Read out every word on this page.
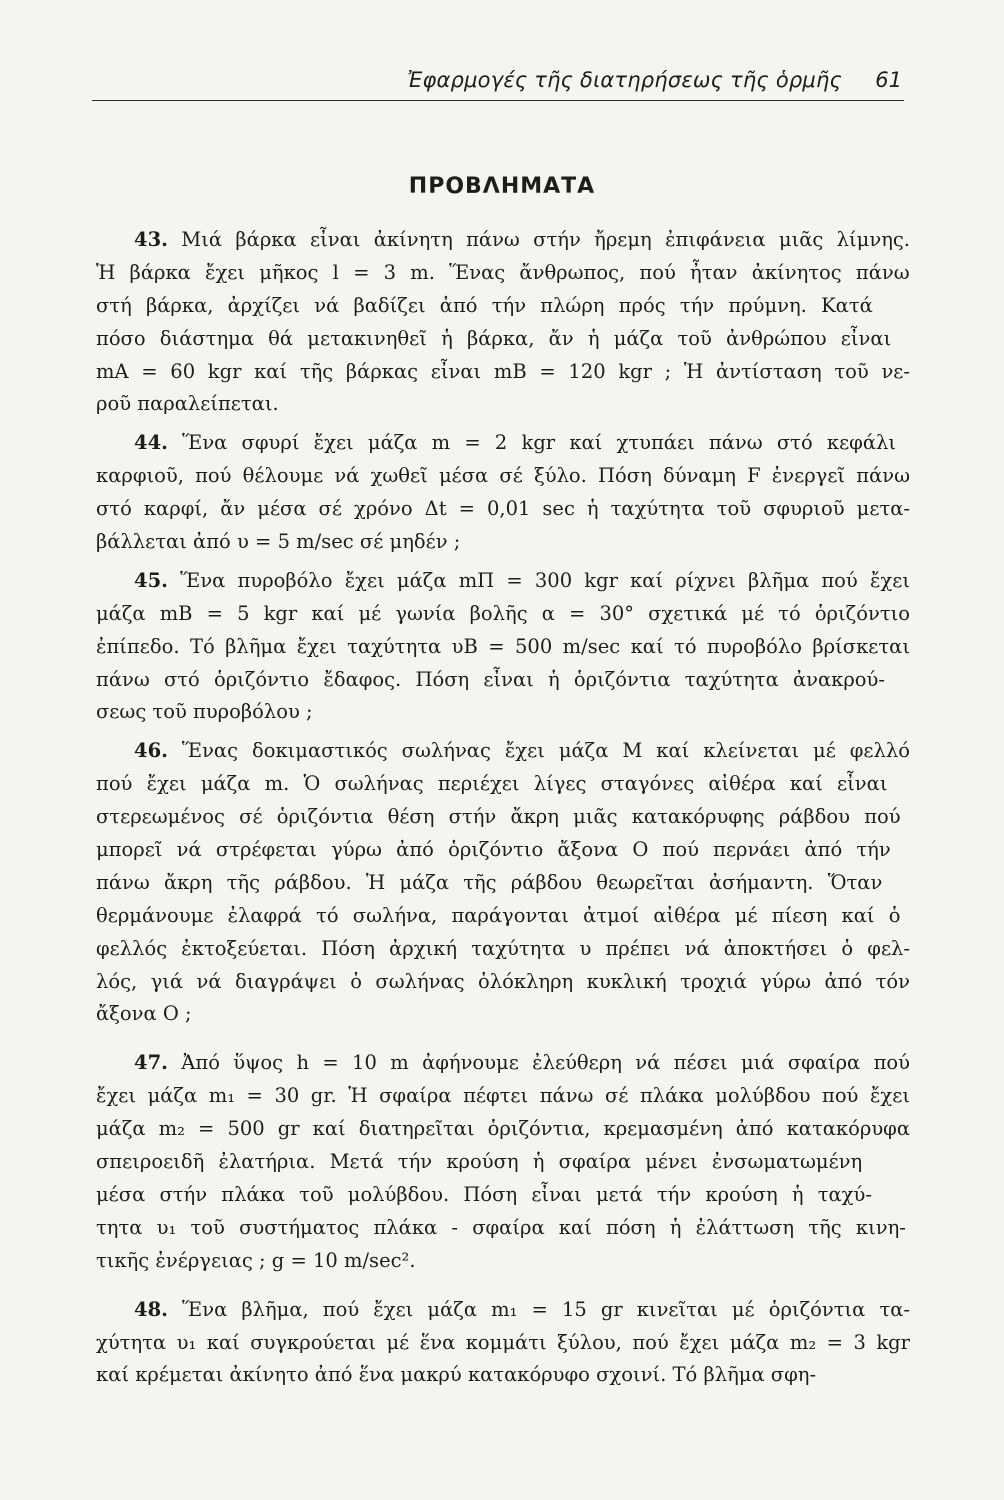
Ἐφαρμογές τῆς διατηρήσεως τῆς ὁρμῆς 61
ΠΡΟΒΛΗΜΑΤΑ
43. Μιά βάρκα εἶναι ἀκίνητη πάνω στήν ἤρεμη ἐπιφάνεια μιᾶς λίμνης.
Ἡ βάρκα ἔχει μῆκος l = 3 m. Ἕνας ἄνθρωπος, πού ἦταν ἀκίνητος πάνω
στή βάρκα, ἀρχίζει νά βαδίζει ἀπό τήν πλώρη πρός τήν πρύμνη. Κατά
πόσο διάστημα θά μετακινηθεῖ ἡ βάρκα, ἄν ἡ μάζα τοῦ ἀνθρώπου εἶναι
mA = 60 kgr καί τῆς βάρκας εἶναι mB = 120 kgr ; Ἡ ἀντίσταση τοῦ νε-
ροῦ παραλείπεται.
44. Ἕνα σφυρί ἔχει μάζα m = 2 kgr καί χτυπάει πάνω στό κεφάλι
καρφιοῦ, πού θέλουμε νά χωθεῖ μέσα σέ ξύλο. Πόση δύναμη F ἐνεργεῖ πάνω
στό καρφί, ἄν μέσα σέ χρόνο Δt = 0,01 sec ἡ ταχύτητα τοῦ σφυριοῦ μετα-
βάλλεται ἀπό υ = 5 m/sec σέ μηδέν ;
45. Ἕνα πυροβόλο ἔχει μάζα mΠ = 300 kgr καί ρίχνει βλῆμα πού ἔχει
μάζα mB = 5 kgr καί μέ γωνία βολῆς α = 30° σχετικά μέ τό ὁριζόντιο
ἐπίπεδο. Τό βλῆμα ἔχει ταχύτητα υB = 500 m/sec καί τό πυροβόλο βρίσκεται
πάνω στό ὁριζόντιο ἔδαφος. Πόση εἶναι ἡ ὁριζόντια ταχύτητα ἀνακρού-
σεως τοῦ πυροβόλου ;
46. Ἕνας δοκιμαστικός σωλήνας ἔχει μάζα M καί κλείνεται μέ φελλό
πού ἔχει μάζα m. Ὁ σωλήνας περιέχει λίγες σταγόνες αἰθέρα καί εἶναι
στερεωμένος σέ ὁριζόντια θέση στήν ἄκρη μιᾶς κατακόρυφης ράβδου πού
μπορεῖ νά στρέφεται γύρω ἀπό ὁριζόντιο ἄξονα O πού περνάει ἀπό τήν
πάνω ἄκρη τῆς ράβδου. Ἡ μάζα τῆς ράβδου θεωρεῖται ἀσήμαντη. Ὅταν
θερμάνουμε ἐλαφρά τό σωλήνα, παράγονται ἀτμοί αἰθέρα μέ πίεση καί ὁ
φελλός ἐκτοξεύεται. Πόση ἀρχική ταχύτητα υ πρέπει νά ἀποκτήσει ὁ φελ-
λός, γιά νά διαγράψει ὁ σωλήνας ὁλόκληρη κυκλική τροχιά γύρω ἀπό τόν
ἄξονα O ;
47. Ἀπό ὕψος h = 10 m ἀφήνουμε ἐλεύθερη νά πέσει μιά σφαίρα πού
ἔχει μάζα m₁ = 30 gr. Ἡ σφαίρα πέφτει πάνω σέ πλάκα μολύβδου πού ἔχει
μάζα m₂ = 500 gr καί διατηρεῖται ὁριζόντια, κρεμασμένη ἀπό κατακόρυφα
σπειροειδῆ ἐλατήρια. Μετά τήν κρούση ἡ σφαίρα μένει ἐνσωματωμένη
μέσα στήν πλάκα τοῦ μολύβδου. Πόση εἶναι μετά τήν κρούση ἡ ταχύ-
τητα υ₁ τοῦ συστήματος πλάκα - σφαίρα καί πόση ἡ ἐλάττωση τῆς κινη-
τικῆς ἐνέργειας ; g = 10 m/sec².
48. Ἕνα βλῆμα, πού ἔχει μάζα m₁ = 15 gr κινεῖται μέ ὁριζόντια τα-
χύτητα υ₁ καί συγκρούεται μέ ἕνα κομμάτι ξύλου, πού ἔχει μάζα m₂ = 3 kgr
καί κρέμεται ἀκίνητο ἀπό ἕνα μακρύ κατακόρυφο σχοινί. Τό βλῆμα σφη-
